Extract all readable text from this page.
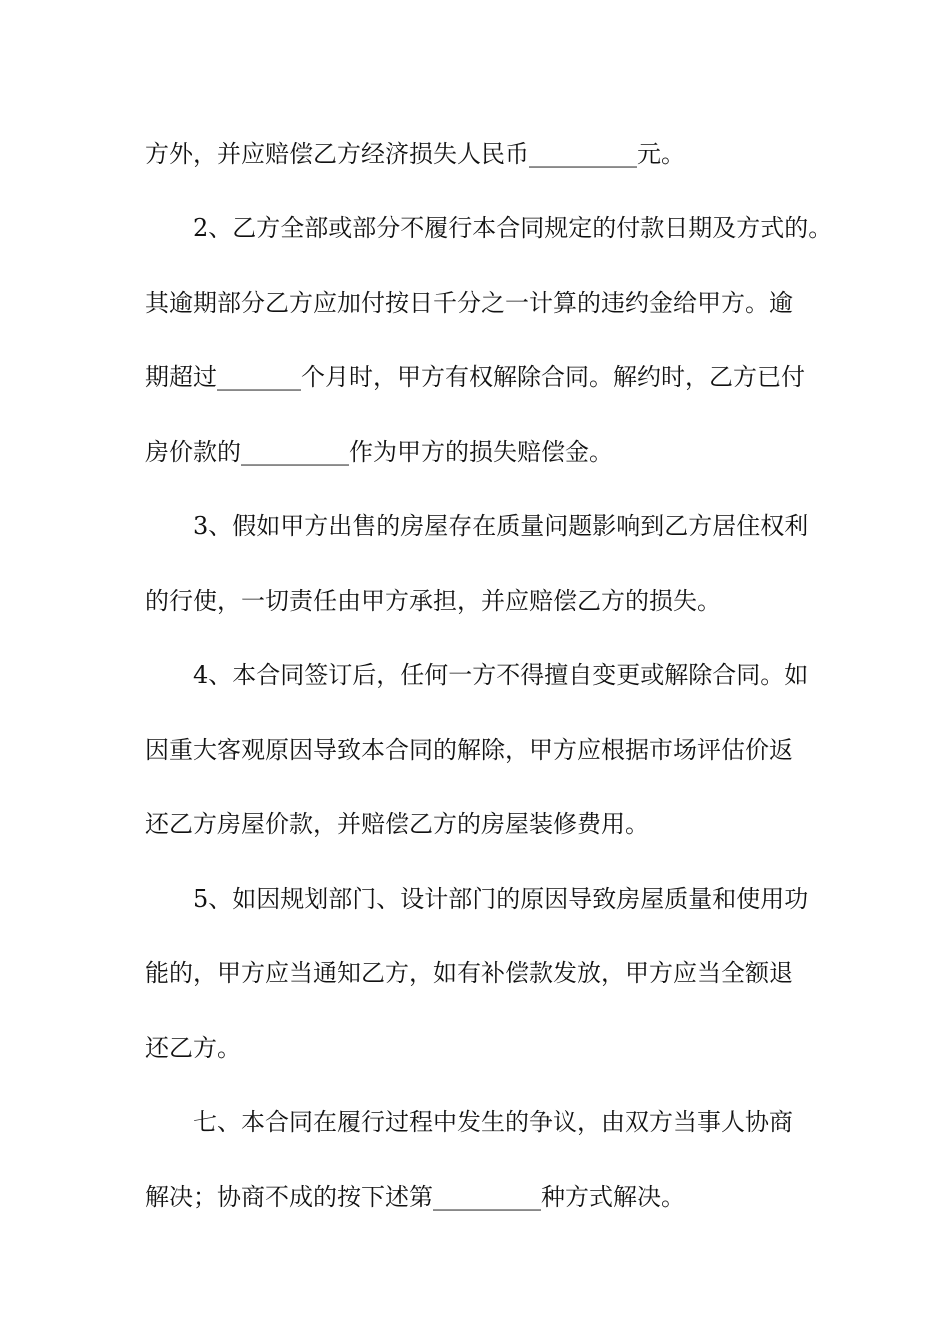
方外，并应赔偿乙方经济损失人民币_________元。

2、乙方全部或部分不履行本合同规定的付款日期及方式的。

其逾期部分乙方应加付按日千分之一计算的违约金给甲方。逾

期超过_______个月时，甲方有权解除合同。解约时，乙方已付

房价款的_________作为甲方的损失赔偿金。

3、假如甲方出售的房屋存在质量问题影响到乙方居住权利

的行使，一切责任由甲方承担，并应赔偿乙方的损失。

4、本合同签订后，任何一方不得擅自变更或解除合同。如

因重大客观原因导致本合同的解除，甲方应根据市场评估价返

还乙方房屋价款，并赔偿乙方的房屋装修费用。

5、如因规划部门、设计部门的原因导致房屋质量和使用功

能的，甲方应当通知乙方，如有补偿款发放，甲方应当全额退

还乙方。

七、本合同在履行过程中发生的争议，由双方当事人协商

解决；协商不成的按下述第_________种方式解决。
